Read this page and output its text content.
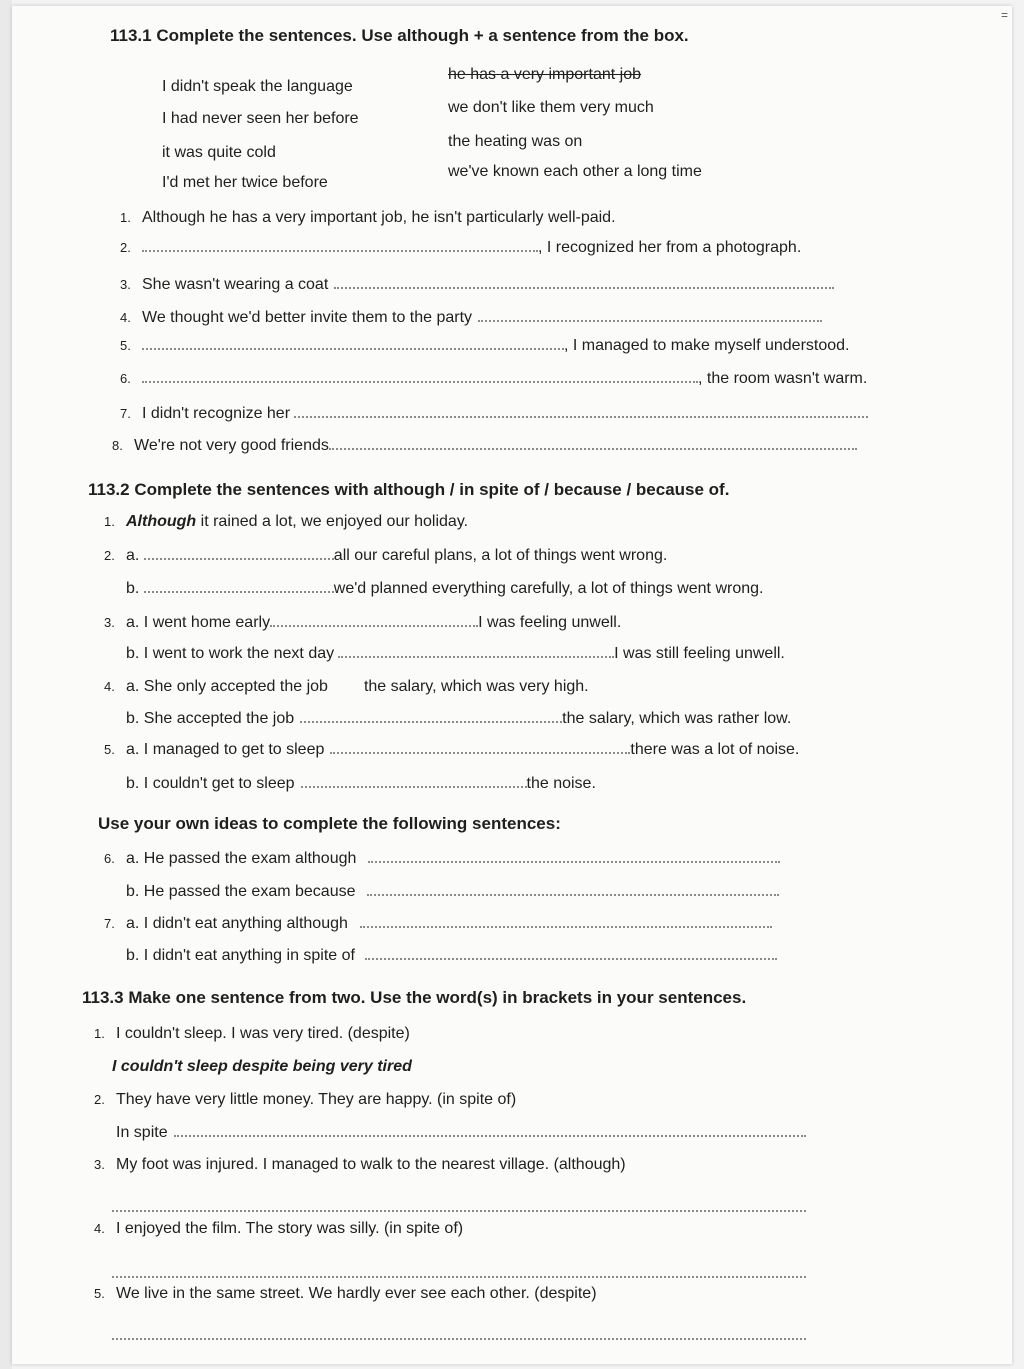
=
113.1 Complete the sentences. Use although + a sentence from the box.
I didn't speak the language
I had never seen her before
it was quite cold
I'd met her twice before
he has a very important job
we don't like them very much
the heating was on
we've known each other a long time
1. Although he has a very important job, he isn't particularly well-paid.
2.	, I recognized her from a photograph.
3. She wasn't wearing a coat
4. We thought we'd better invite them to the party
5.	, I managed to make myself understood.
6.	, the room wasn't warm.
7. I didn't recognize her
8. We're not very good friends
113.2 Complete the sentences with although / in spite of / because / because of.
1. Although it rained a lot, we enjoyed our holiday.
2. a.	all our careful plans, a lot of things went wrong.
b.	we'd planned everything carefully, a lot of things went wrong.
3. a. I went home early	I was feeling unwell.
b. I went to work the next day	I was still feeling unwell.
4. a. She only accepted the job the salary, which was very high.
b. She accepted the job	the salary, which was rather low.
5. a. I managed to get to sleep	there was a lot of noise.
b. I couldn't get to sleep	the noise.
Use your own ideas to complete the following sentences:
6. a. He passed the exam although
b. He passed the exam because
7. a. I didn't eat anything although
b. I didn't eat anything in spite of
113.3 Make one sentence from two. Use the word(s) in brackets in your sentences.
1. I couldn't sleep. I was very tired. (despite)
I couldn't sleep despite being very tired
2. They have very little money. They are happy. (in spite of)
In spite
3. My foot was injured. I managed to walk to the nearest village. (although)
4. I enjoyed the film. The story was silly. (in spite of)
5. We live in the same street. We hardly ever see each other. (despite)
